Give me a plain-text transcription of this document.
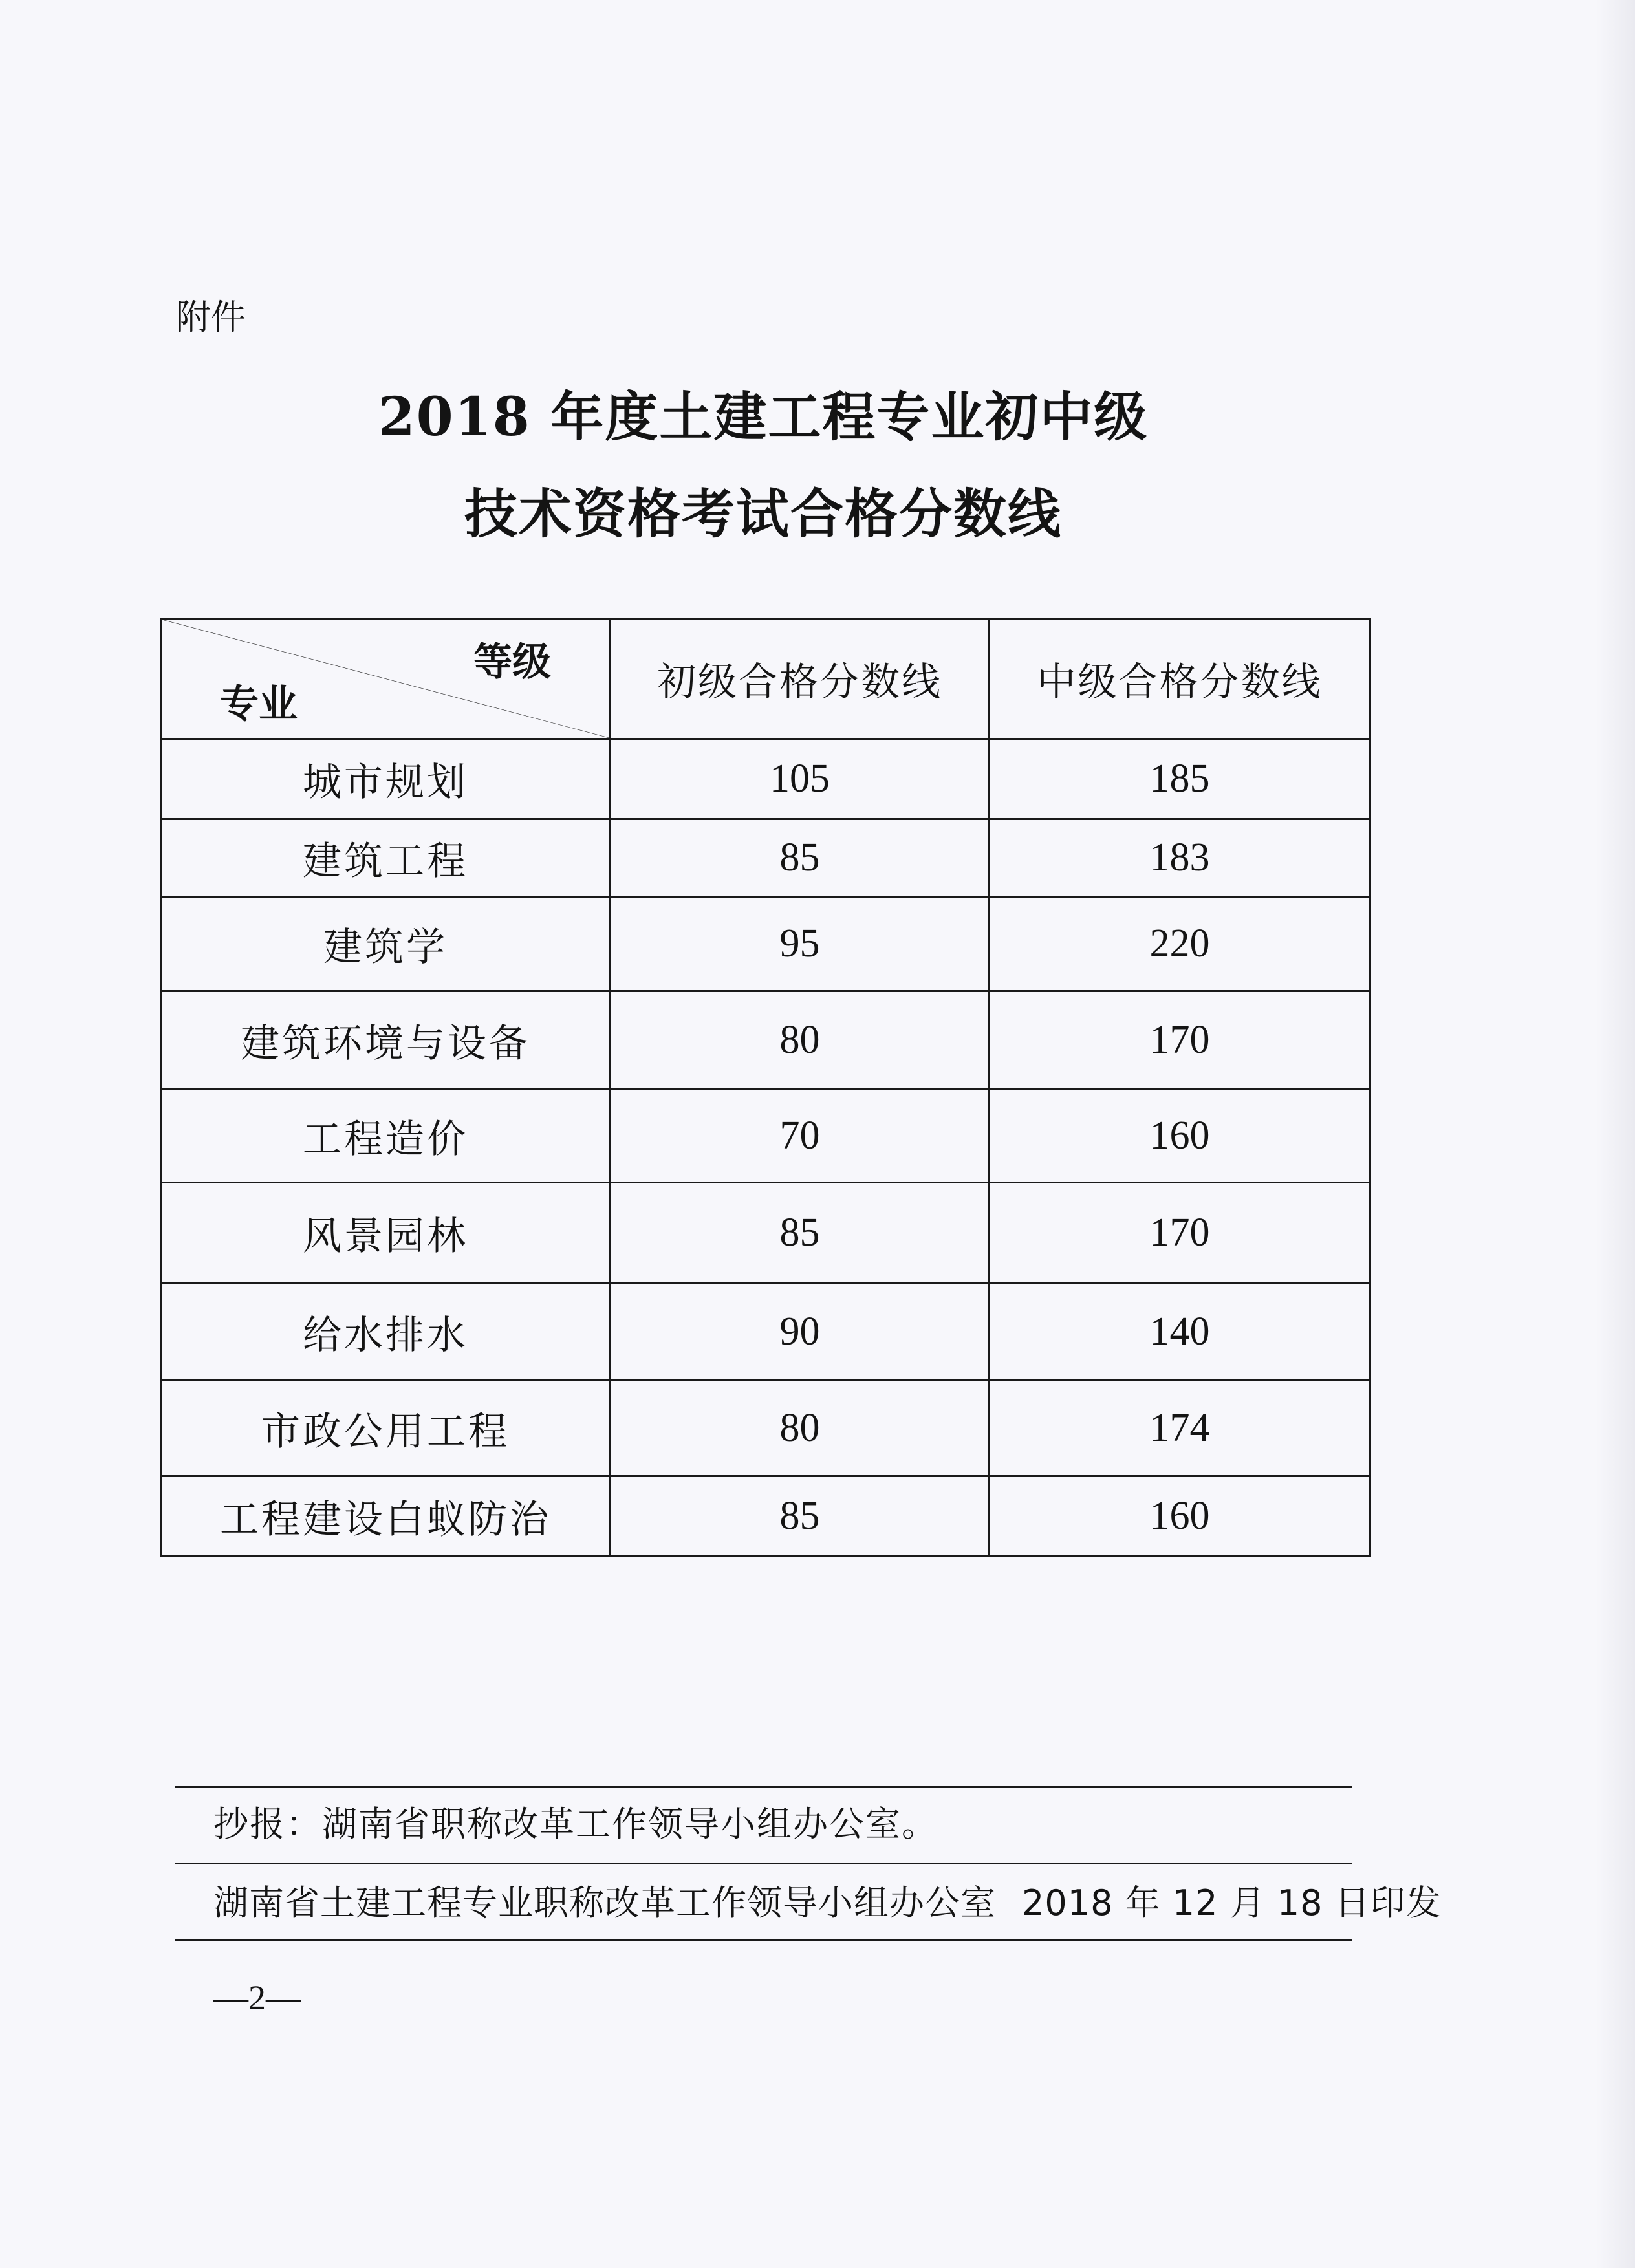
附件
2018 年度土建工程专业初中级
技术资格考试合格分数线
等级
专业	初级合格分数线	中级合格分数线
城市规划	105	185
建筑工程	85	183
建筑学	95	220
建筑环境与设备	80	170
工程造价	70	160
风景园林	85	170
给水排水	90	140
市政公用工程	80	174
工程建设白蚁防治	85	160
抄报：湖南省职称改革工作领导小组办公室。
湖南省土建工程专业职称改革工作领导小组办公室 2018 年 12 月 18 日印发
—2—
